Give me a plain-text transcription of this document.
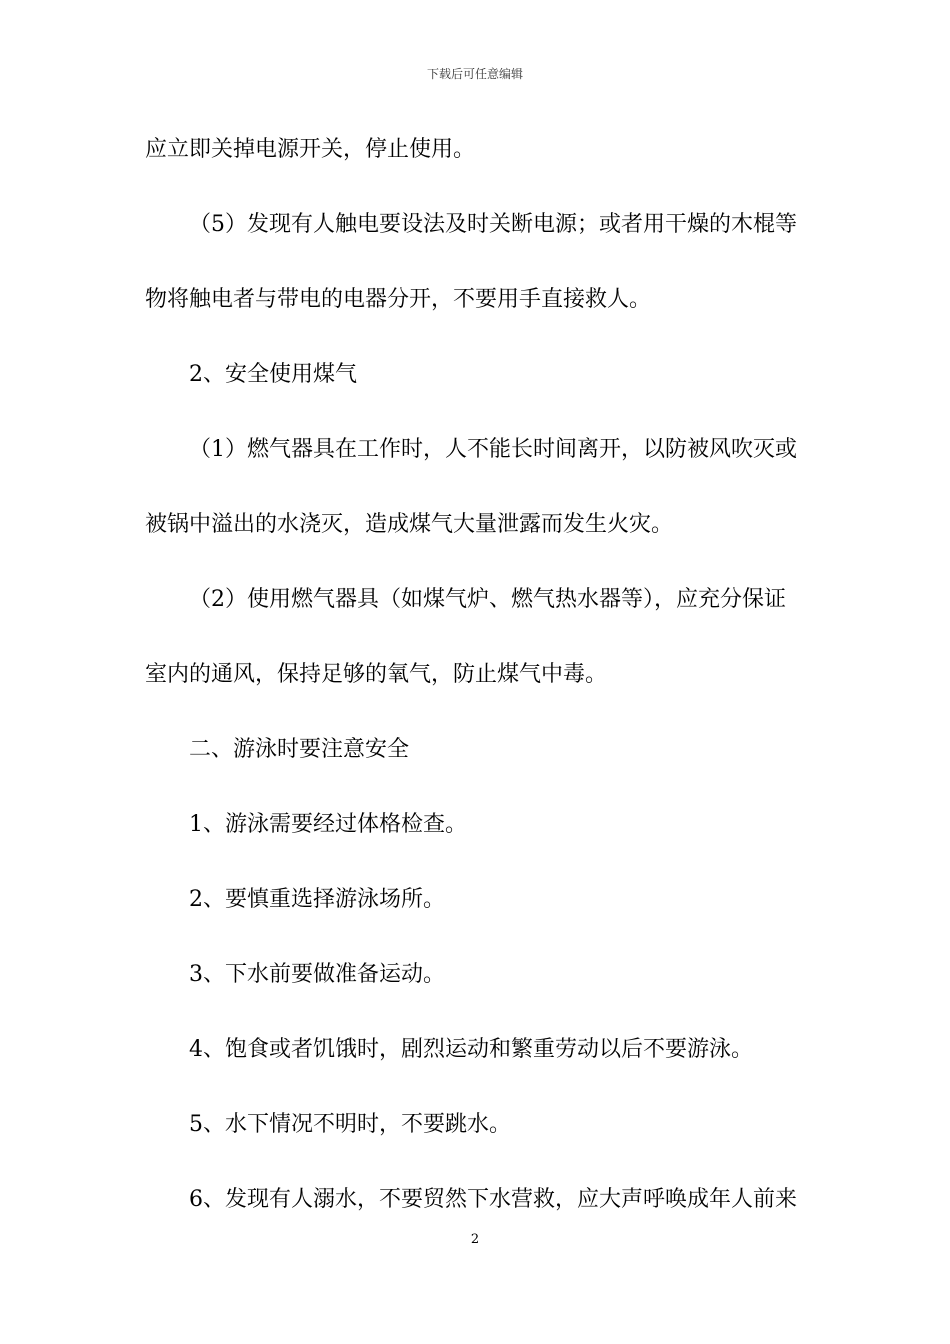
下载后可任意编辑
应立即关掉电源开关，停止使用。
（5）发现有人触电要设法及时关断电源；或者用干燥的木棍等
物将触电者与带电的电器分开，不要用手直接救人。
2、安全使用煤气
（1）燃气器具在工作时，人不能长时间离开，以防被风吹灭或
被锅中溢出的水浇灭，造成煤气大量泄露而发生火灾。
（2）使用燃气器具（如煤气炉、燃气热水器等），应充分保证
室内的通风，保持足够的氧气，防止煤气中毒。
二、游泳时要注意安全
1、游泳需要经过体格检查。
2、要慎重选择游泳场所。
3、下水前要做准备运动。
4、饱食或者饥饿时，剧烈运动和繁重劳动以后不要游泳。
5、水下情况不明时，不要跳水。
6、发现有人溺水，不要贸然下水营救，应大声呼唤成年人前来
2
